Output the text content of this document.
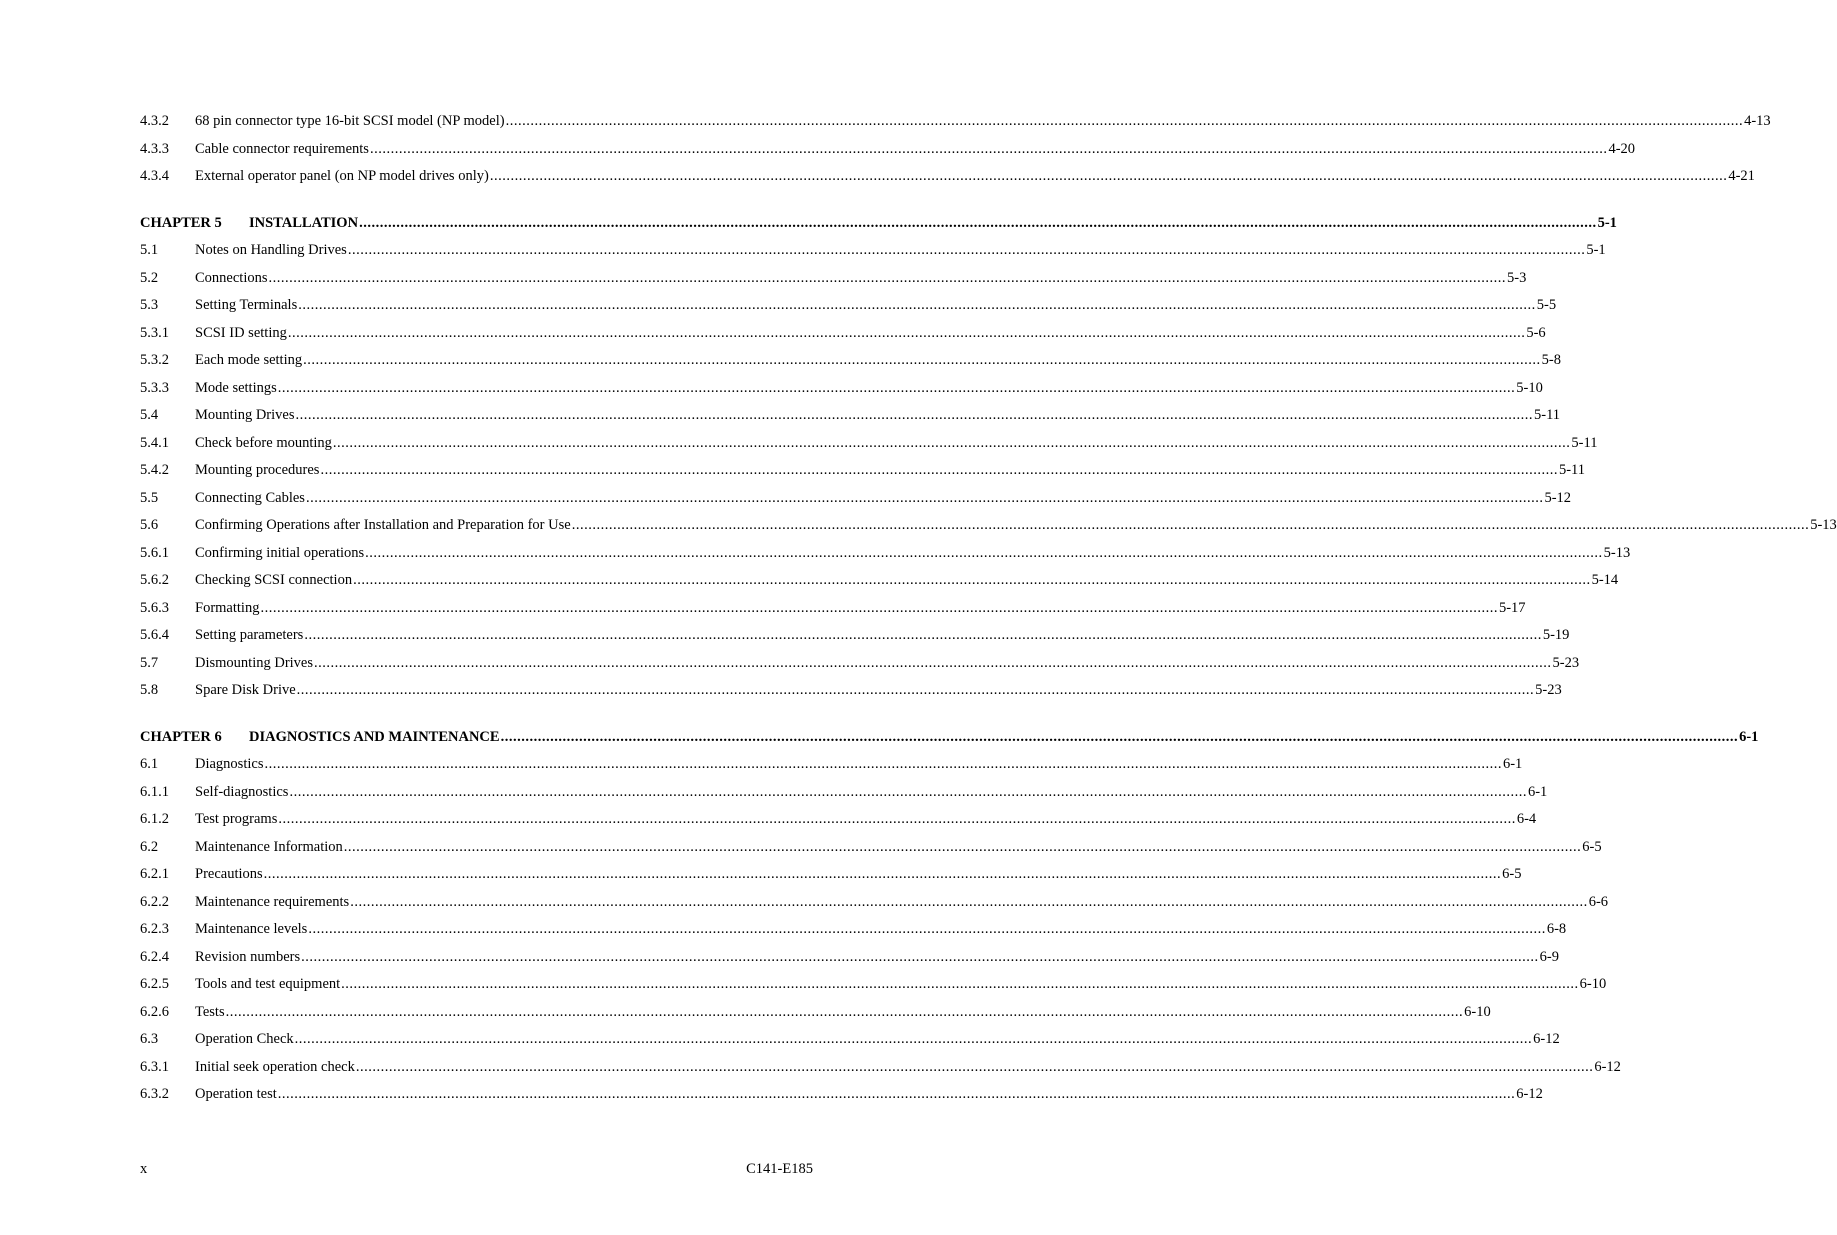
4.3.2	68 pin connector type 16-bit SCSI model (NP model) ............................................................................................................................................................................................................................................................................................................ 4-13
4.3.3	Cable connector requirements ............................................................................................................................................................................................................................................................................................................ 4-20
4.3.4	External operator panel (on NP model drives only) ............................................................................................................................................................................................................................................................................................................ 4-21
CHAPTER 5	INSTALLATION ............................................................................................................................................................................................................................................................................................................ 5-1
5.1	Notes on Handling Drives ............................................................................................................................................................................................................................................................................................................ 5-1
5.2	Connections ............................................................................................................................................................................................................................................................................................................ 5-3
5.3	Setting Terminals ............................................................................................................................................................................................................................................................................................................ 5-5
5.3.1	SCSI ID setting ............................................................................................................................................................................................................................................................................................................ 5-6
5.3.2	Each mode setting ............................................................................................................................................................................................................................................................................................................ 5-8
5.3.3	Mode settings ............................................................................................................................................................................................................................................................................................................ 5-10
5.4	Mounting Drives ............................................................................................................................................................................................................................................................................................................ 5-11
5.4.1	Check before mounting ............................................................................................................................................................................................................................................................................................................ 5-11
5.4.2	Mounting procedures ............................................................................................................................................................................................................................................................................................................ 5-11
5.5	Connecting Cables ............................................................................................................................................................................................................................................................................................................ 5-12
5.6	Confirming Operations after Installation and Preparation for Use ............................................................................................................................................................................................................................................................................................................ 5-13
5.6.1	Confirming initial operations ............................................................................................................................................................................................................................................................................................................ 5-13
5.6.2	Checking SCSI connection ............................................................................................................................................................................................................................................................................................................ 5-14
5.6.3	Formatting ............................................................................................................................................................................................................................................................................................................ 5-17
5.6.4	Setting parameters ............................................................................................................................................................................................................................................................................................................ 5-19
5.7	Dismounting Drives ............................................................................................................................................................................................................................................................................................................ 5-23
5.8	Spare Disk Drive ............................................................................................................................................................................................................................................................................................................ 5-23
CHAPTER 6	DIAGNOSTICS AND MAINTENANCE ............................................................................................................................................................................................................................................................................................................ 6-1
6.1	Diagnostics ............................................................................................................................................................................................................................................................................................................ 6-1
6.1.1	Self-diagnostics ............................................................................................................................................................................................................................................................................................................ 6-1
6.1.2	Test programs ............................................................................................................................................................................................................................................................................................................ 6-4
6.2	Maintenance Information ............................................................................................................................................................................................................................................................................................................ 6-5
6.2.1	Precautions ............................................................................................................................................................................................................................................................................................................ 6-5
6.2.2	Maintenance requirements ............................................................................................................................................................................................................................................................................................................ 6-6
6.2.3	Maintenance levels ............................................................................................................................................................................................................................................................................................................ 6-8
6.2.4	Revision numbers ............................................................................................................................................................................................................................................................................................................ 6-9
6.2.5	Tools and test equipment ............................................................................................................................................................................................................................................................................................................ 6-10
6.2.6	Tests ............................................................................................................................................................................................................................................................................................................ 6-10
6.3	Operation Check ............................................................................................................................................................................................................................................................................................................ 6-12
6.3.1	Initial seek operation check ............................................................................................................................................................................................................................................................................................................ 6-12
6.3.2	Operation test ............................................................................................................................................................................................................................................................................................................ 6-12
x	C141-E185
